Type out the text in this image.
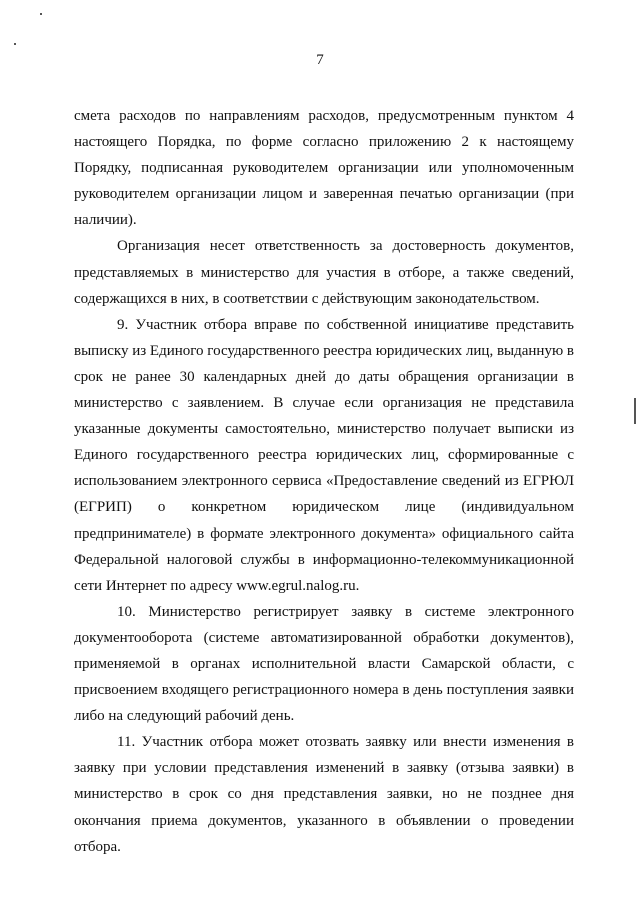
7

смета расходов по направлениям расходов, предусмотренным пунктом 4 настоящего Порядка, по форме согласно приложению 2 к настоящему Порядку, подписанная руководителем организации или уполномоченным руководителем организации лицом и заверенная печатью организации (при наличии).

Организация несет ответственность за достоверность документов, представляемых в министерство для участия в отборе, а также сведений, содержащихся в них, в соответствии с действующим законодательством.

9. Участник отбора вправе по собственной инициативе представить выписку из Единого государственного реестра юридических лиц, выданную в срок не ранее 30 календарных дней до даты обращения организации в министерство с заявлением. В случае если организация не представила указанные документы самостоятельно, министерство получает выписки из Единого государственного реестра юридических лиц, сформированные с использованием электронного сервиса «Предоставление сведений из ЕГРЮЛ (ЕГРИП) о конкретном юридическом лице (индивидуальном предпринимателе) в формате электронного документа» официального сайта Федеральной налоговой службы в информационно-телекоммуникационной сети Интернет по адресу www.egrul.nalog.ru.

10. Министерство регистрирует заявку в системе электронного документооборота (системе автоматизированной обработки документов), применяемой в органах исполнительной власти Самарской области, с присвоением входящего регистрационного номера в день поступления заявки либо на следующий рабочий день.

11. Участник отбора может отозвать заявку или внести изменения в заявку при условии представления изменений в заявку (отзыва заявки) в министерство в срок со дня представления заявки, но не позднее дня окончания приема документов, указанного в объявлении о проведении отбора.
